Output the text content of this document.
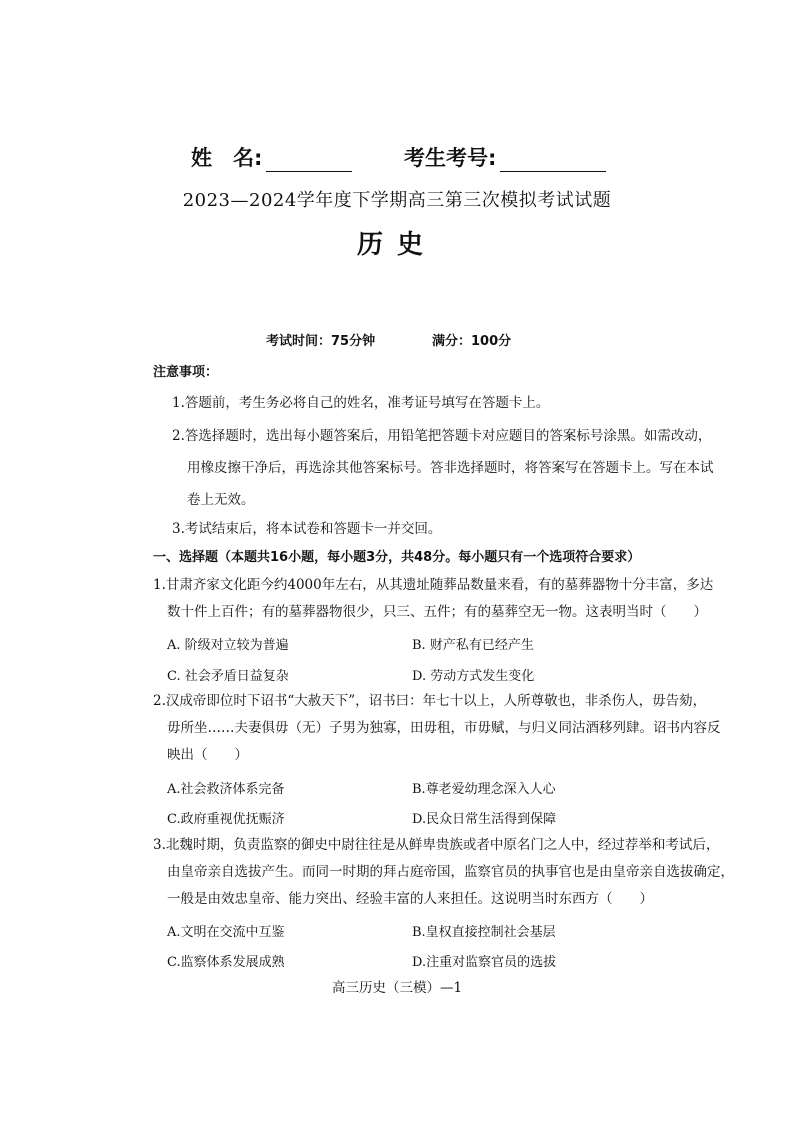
姓　名:	考生考号:
2023—2024学年度下学期高三第三次模拟考试试题
历史
考试时间：75分钟	满分：100分
注意事项：
1.答题前，考生务必将自己的姓名，准考证号填写在答题卡上。
2.答选择题时，选出每小题答案后，用铅笔把答题卡对应题目的答案标号涂黑。如需改动，
用橡皮擦干净后，再选涂其他答案标号。答非选择题时，将答案写在答题卡上。写在本试
卷上无效。
3.考试结束后，将本试卷和答题卡一并交回。
一、选择题（本题共16小题，每小题3分，共48分。每小题只有一个选项符合要求）
1.甘肃齐家文化距今约4000年左右，从其遗址随葬品数量来看，有的墓葬器物十分丰富，多达
数十件上百件；有的墓葬器物很少，只三、五件；有的墓葬空无一物。这表明当时（　　）
A. 阶级对立较为普遍	B. 财产私有已经产生
C. 社会矛盾日益复杂	D. 劳动方式发生变化
2.汉成帝即位时下诏书“大赦天下”，诏书曰：年七十以上，人所尊敬也，非杀伤人，毋告劾，
毋所坐……夫妻俱毋（无）子男为独寡，田毋租，市毋赋，与归义同沽酒移列肆。诏书内容反
映出（　　）
A.社会救济体系完备	B.尊老爱幼理念深入人心
C.政府重视优抚赈济	D.民众日常生活得到保障
3.北魏时期，负责监察的御史中尉往往是从鲜卑贵族或者中原名门之人中，经过荐举和考试后，
由皇帝亲自选拔产生。而同一时期的拜占庭帝国，监察官员的执事官也是由皇帝亲自选拔确定，
一般是由效忠皇帝、能力突出、经验丰富的人来担任。这说明当时东西方（　　）
A.文明在交流中互鉴	B.皇权直接控制社会基层
C.监察体系发展成熟	D.注重对监察官员的选拔
高三历史（三模）—1
